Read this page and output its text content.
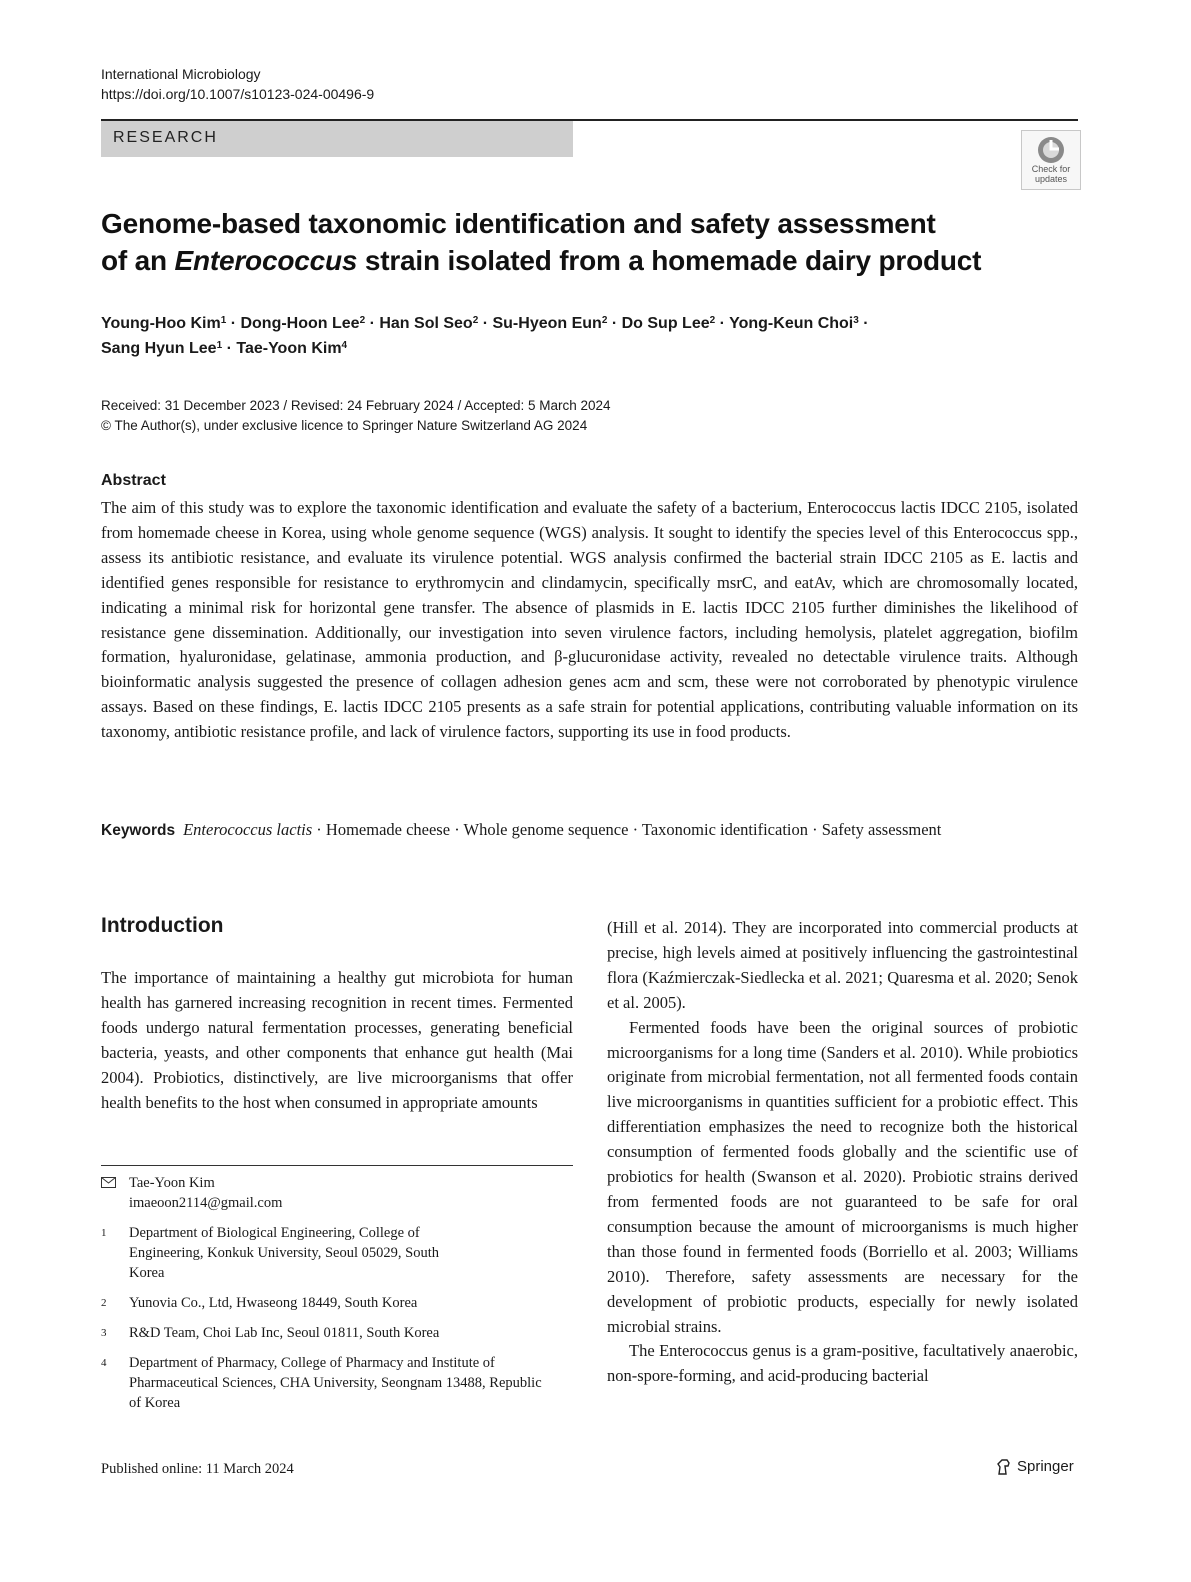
International Microbiology
https://doi.org/10.1007/s10123-024-00496-9
RESEARCH
Check for
updates
Genome-based taxonomic identification and safety assessment
of an Enterococcus strain isolated from a homemade dairy product
Young-Hoo Kim$^1$ · Dong-Hoon Lee$^2$ · Han Sol Seo$^2$ · Su-Hyeon Eun$^2$ · Do Sup Lee$^2$ · Yong-Keun Choi$^3$ ·
Sang Hyun Lee$^1$ · Tae-Yoon Kim$^4$
Received: 31 December 2023 / Revised: 24 February 2024 / Accepted: 5 March 2024
© The Author(s), under exclusive licence to Springer Nature Switzerland AG 2024
Abstract
The aim of this study was to explore the taxonomic identification and evaluate the safety of a bacterium, Enterococcus lactis IDCC 2105, isolated from homemade cheese in Korea, using whole genome sequence (WGS) analysis. It sought to identify the species level of this Enterococcus spp., assess its antibiotic resistance, and evaluate its virulence potential. WGS analysis confirmed the bacterial strain IDCC 2105 as E. lactis and identified genes responsible for resistance to erythromycin and clindamycin, specifically msrC, and eatAv, which are chromosomally located, indicating a minimal risk for horizontal gene transfer. The absence of plasmids in E. lactis IDCC 2105 further diminishes the likelihood of resistance gene dissemination. Additionally, our investigation into seven virulence factors, including hemolysis, platelet aggregation, biofilm formation, hyaluronidase, gelatinase, ammonia production, and β-glucuronidase activity, revealed no detectable virulence traits. Although bioinformatic analysis suggested the presence of collagen adhesion genes acm and scm, these were not corroborated by phenotypic virulence assays. Based on these findings, E. lactis IDCC 2105 presents as a safe strain for potential applications, contributing valuable information on its taxonomy, antibiotic resistance profile, and lack of virulence factors, supporting its use in food products.
Keywords Enterococcus lactis · Homemade cheese · Whole genome sequence · Taxonomic identification · Safety assessment
Introduction

The importance of maintaining a healthy gut microbiota for human health has garnered increasing recognition in recent times. Fermented foods undergo natural fermentation processes, generating beneficial bacteria, yeasts, and other components that enhance gut health (Mai 2004). Probiotics, distinctively, are live microorganisms that offer health benefits to the host when consumed in appropriate amounts

Tae-Yoon Kim
imaeoon2114@gmail.com
1 Department of Biological Engineering, College of Engineering, Konkuk University, Seoul 05029, South Korea
2 Yunovia Co., Ltd, Hwaseong 18449, South Korea
3 R&D Team, Choi Lab Inc, Seoul 01811, South Korea
4 Department of Pharmacy, College of Pharmacy and Institute of Pharmaceutical Sciences, CHA University, Seongnam 13488, Republic of Korea

(Hill et al. 2014). They are incorporated into commercial products at precise, high levels aimed at positively influencing the gastrointestinal flora (Kaźmierczak-Siedlecka et al. 2021; Quaresma et al. 2020; Senok et al. 2005).

Fermented foods have been the original sources of probiotic microorganisms for a long time (Sanders et al. 2010). While probiotics originate from microbial fermentation, not all fermented foods contain live microorganisms in quantities sufficient for a probiotic effect. This differentiation emphasizes the need to recognize both the historical consumption of fermented foods globally and the scientific use of probiotics for health (Swanson et al. 2020). Probiotic strains derived from fermented foods are not guaranteed to be safe for oral consumption because the amount of microorganisms is much higher than those found in fermented foods (Borriello et al. 2003; Williams 2010). Therefore, safety assessments are necessary for the development of probiotic products, especially for newly isolated microbial strains.

The Enterococcus genus is a gram-positive, facultatively anaerobic, non-spore-forming, and acid-producing bacterial

Published online: 11 March 2024	Springer
